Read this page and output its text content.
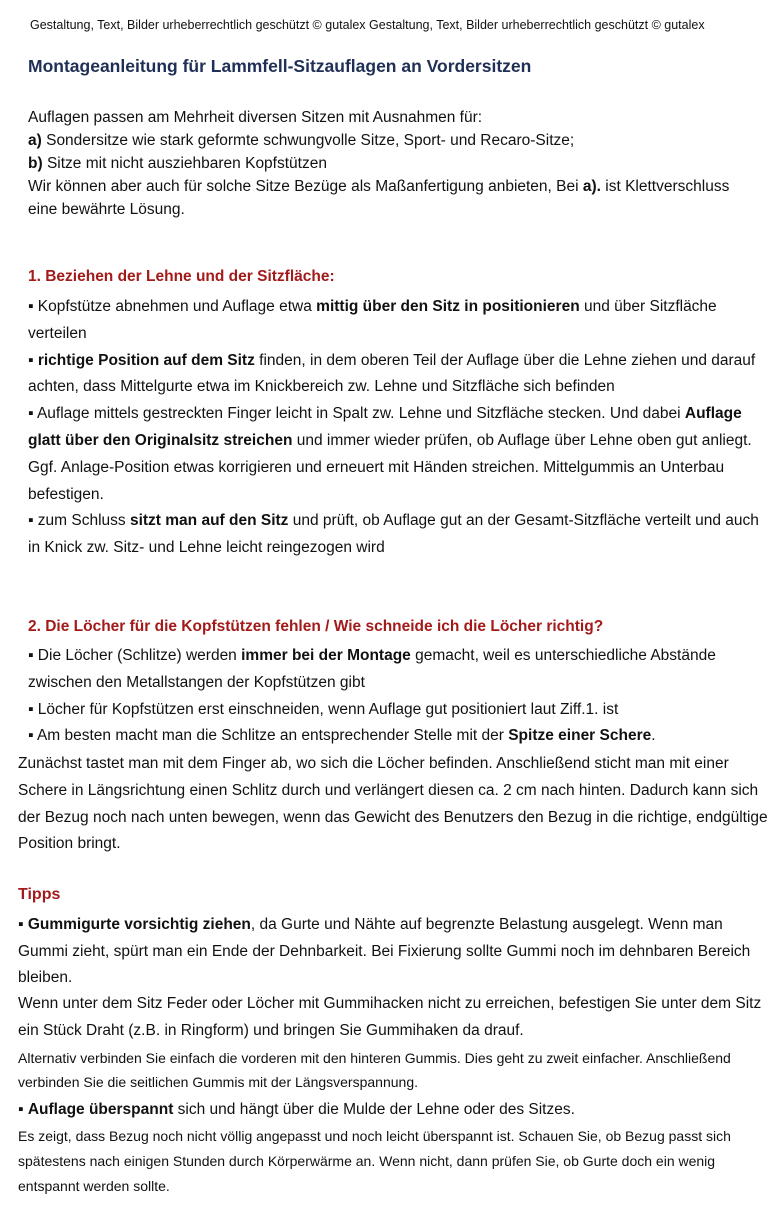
Gestaltung, Text, Bilder urheberrechtlich geschützt © gutalex Gestaltung, Text, Bilder urheberrechtlich geschützt © gutalex
Montageanleitung für Lammfell-Sitzauflagen an Vordersitzen
Auflagen passen am Mehrheit diversen Sitzen mit Ausnahmen für:
a) Sondersitze wie stark geformte schwungvolle Sitze, Sport- und Recaro-Sitze;
b) Sitze mit nicht ausziehbaren Kopfstützen
Wir können aber auch für solche Sitze Bezüge als Maßanfertigung anbieten, Bei a). ist Klettverschluss eine bewährte Lösung.
1. Beziehen der Lehne und der Sitzfläche:
▪ Kopfstütze abnehmen und Auflage etwa mittig über den Sitz in positionieren und über Sitzfläche verteilen
▪ richtige Position auf dem Sitz finden, in dem oberen Teil der Auflage über die Lehne ziehen und darauf achten, dass Mittelgurte etwa im Knickbereich zw. Lehne und Sitzfläche sich befinden
▪ Auflage mittels gestreckten Finger leicht in Spalt zw. Lehne und Sitzfläche stecken. Und dabei Auflage glatt über den Originalsitz streichen und immer wieder prüfen, ob Auflage über Lehne oben gut anliegt. Ggf. Anlage-Position etwas korrigieren und erneuert mit Händen streichen. Mittelgummis an Unterbau befestigen.
▪ zum Schluss sitzt man auf den Sitz und prüft, ob Auflage gut an der Gesamt-Sitzfläche verteilt und auch in Knick zw. Sitz- und Lehne leicht reingezogen wird
2. Die Löcher für die Kopfstützen fehlen / Wie schneide ich die Löcher richtig?
▪ Die Löcher (Schlitze) werden immer bei der Montage gemacht, weil es unterschiedliche Abstände zwischen den Metallstangen der Kopfstützen gibt
▪ Löcher für Kopfstützen erst einschneiden, wenn Auflage gut positioniert laut Ziff.1. ist
▪ Am besten macht man die Schlitze an entsprechender Stelle mit der Spitze einer Schere.
Zunächst tastet man mit dem Finger ab, wo sich die Löcher befinden. Anschließend sticht man mit einer Schere in Längsrichtung einen Schlitz durch und verlängert diesen ca. 2 cm nach hinten. Dadurch kann sich der Bezug noch nach unten bewegen, wenn das Gewicht des Benutzers den Bezug in die richtige, endgültige Position bringt.
Tipps
▪ Gummigurte vorsichtig ziehen, da Gurte und Nähte auf begrenzte Belastung ausgelegt. Wenn man Gummi zieht, spürt man ein Ende der Dehnbarkeit. Bei Fixierung sollte Gummi noch im dehnbaren Bereich bleiben.
Wenn unter dem Sitz Feder oder Löcher mit Gummihacken nicht zu erreichen, befestigen Sie unter dem Sitz ein Stück Draht (z.B. in Ringform) und bringen Sie Gummihaken da drauf.
Alternativ verbinden Sie einfach die vorderen mit den hinteren Gummis. Dies geht zu zweit einfacher. Anschließend verbinden Sie die seitlichen Gummis mit der Längsverspannung.
▪ Auflage überspannt sich und hängt über die Mulde der Lehne oder des Sitzes.
Es zeigt, dass Bezug noch nicht völlig angepasst und noch leicht überspannt ist. Schauen Sie, ob Bezug passt sich spätestens nach einigen Stunden durch Körperwärme an. Wenn nicht, dann prüfen Sie, ob Gurte doch ein wenig entspannt werden sollte.
